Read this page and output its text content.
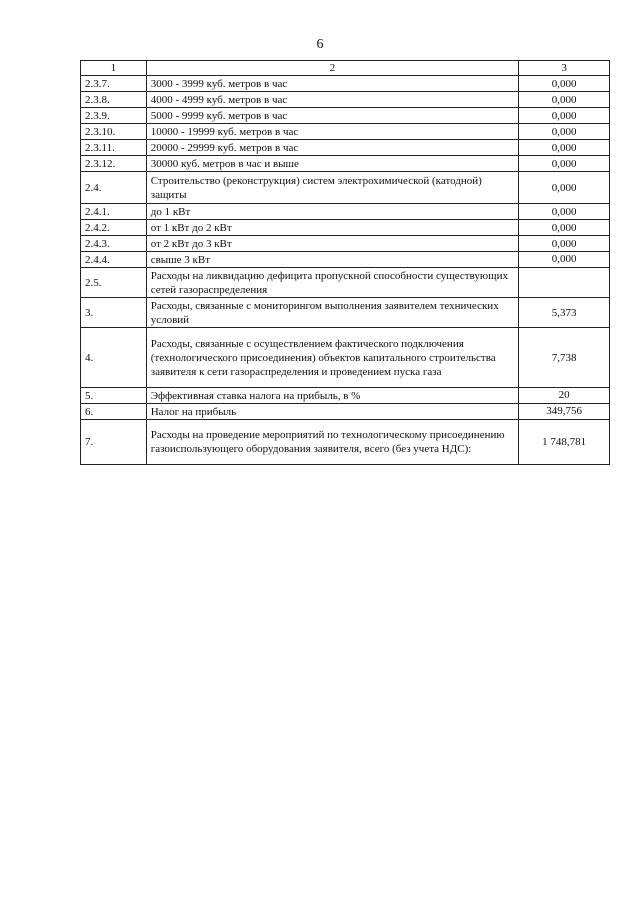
6
1	2	3
2.3.7.	3000 - 3999 куб. метров в час	0,000
2.3.8.	4000 - 4999 куб. метров в час	0,000
2.3.9.	5000 - 9999 куб. метров в час	0,000
2.3.10.	10000 - 19999 куб. метров в час	0,000
2.3.11.	20000 - 29999 куб. метров в час	0,000
2.3.12.	30000 куб. метров в час и выше	0,000
2.4.	Строительство (реконструкция) систем электрохимической (катодной) защиты	0,000
2.4.1.	до 1 кВт	0,000
2.4.2.	от 1 кВт до 2 кВт	0,000
2.4.3.	от 2 кВт до 3 кВт	0,000
2.4.4.	свыше 3 кВт	0,000
2.5.	Расходы на ликвидацию дефицита пропускной способности существующих сетей газораспределения	
3.	Расходы, связанные с мониторингом выполнения заявителем технических условий	5,373
4.	Расходы, связанные с осуществлением фактического подключения (технологического присоединения) объектов капитального строительства заявителя к сети газораспределения и проведением пуска газа	7,738
5.	Эффективная ставка налога на прибыль, в %	20
6.	Налог на прибыль	349,756
7.	Расходы на проведение мероприятий по технологическому присоединению газоиспользующего оборудования заявителя, всего (без учета НДС):	1 748,781
